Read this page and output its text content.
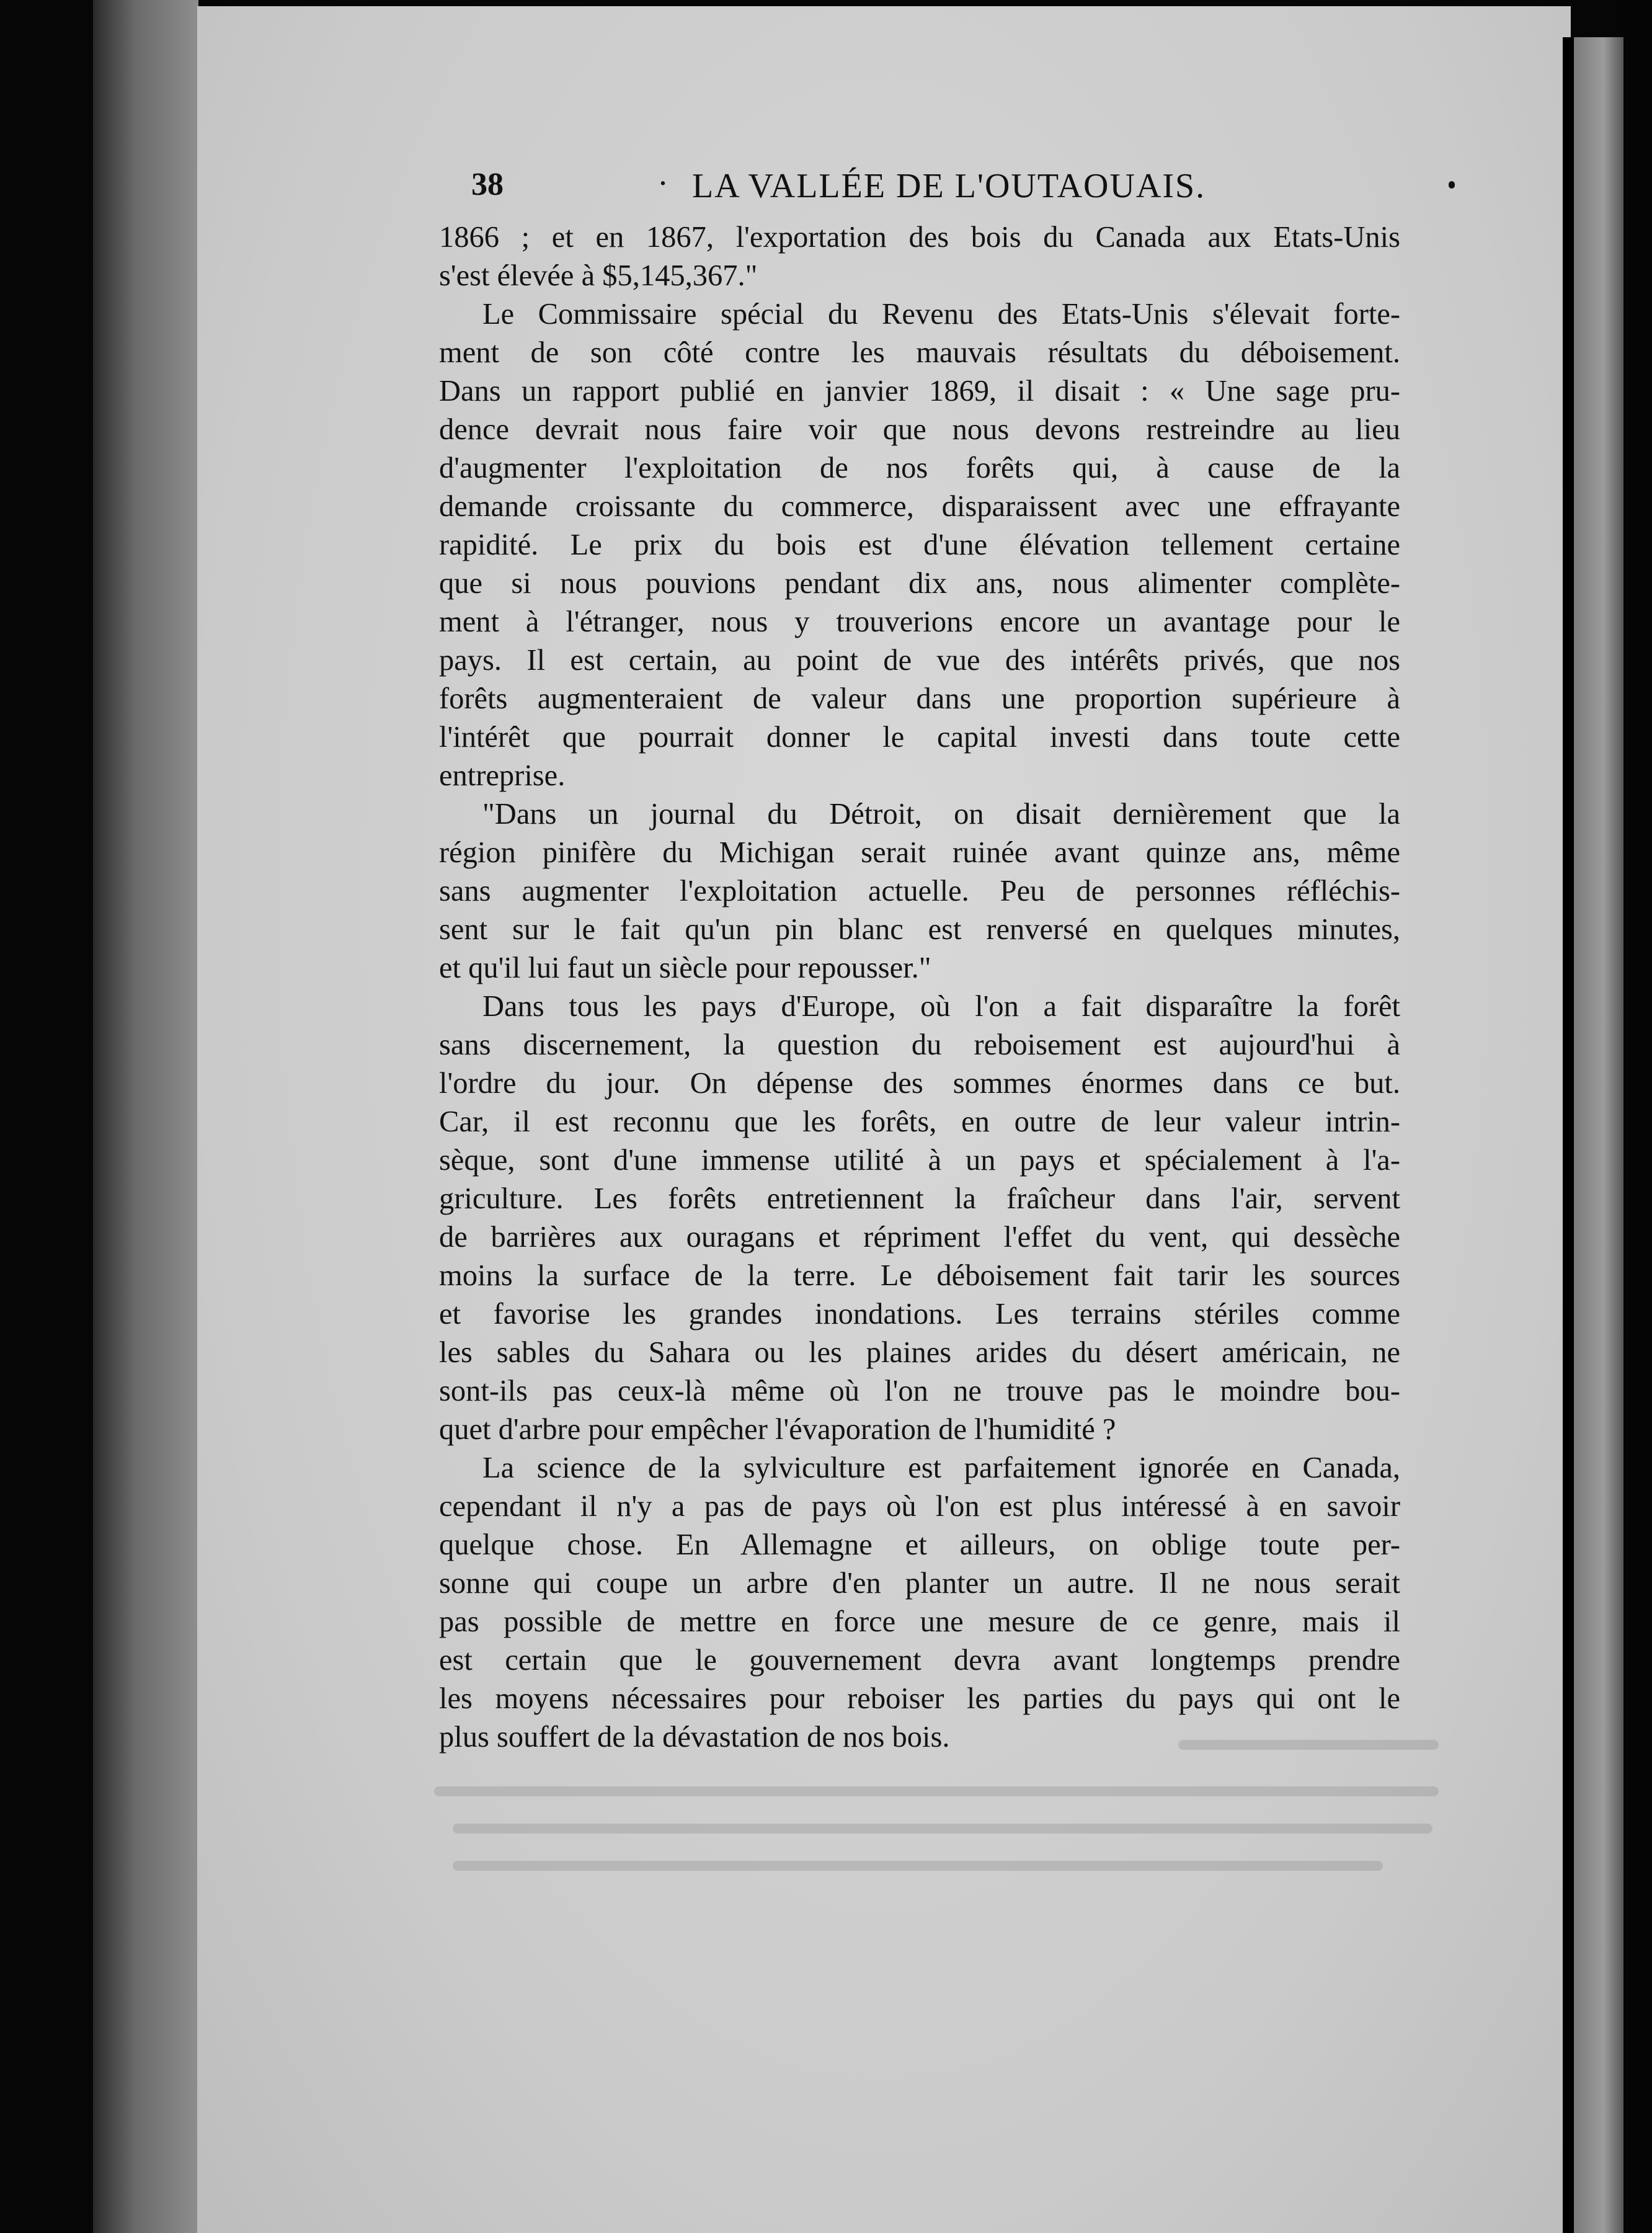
38	· LA VALLÉE DE L'OUTAOUAIS.
1866 ; et en 1867, l'exportation des bois du Canada aux Etats-Unis
s'est élevée à $5,145,367."
Le Commissaire spécial du Revenu des Etats-Unis s'élevait forte-
ment de son côté contre les mauvais résultats du déboisement.
Dans un rapport publié en janvier 1869, il disait : « Une sage pru-
dence devrait nous faire voir que nous devons restreindre au lieu
d'augmenter l'exploitation de nos forêts qui, à cause de la
demande croissante du commerce, disparaissent avec une effrayante
rapidité. Le prix du bois est d'une élévation tellement certaine
que si nous pouvions pendant dix ans, nous alimenter complète-
ment à l'étranger, nous y trouverions encore un avantage pour le
pays. Il est certain, au point de vue des intérêts privés, que nos
forêts augmenteraient de valeur dans une proportion supérieure à
l'intérêt que pourrait donner le capital investi dans toute cette
entreprise.
"Dans un journal du Détroit, on disait dernièrement que la
région pinifère du Michigan serait ruinée avant quinze ans, même
sans augmenter l'exploitation actuelle. Peu de personnes réfléchis-
sent sur le fait qu'un pin blanc est renversé en quelques minutes,
et qu'il lui faut un siècle pour repousser."
Dans tous les pays d'Europe, où l'on a fait disparaître la forêt
sans discernement, la question du reboisement est aujourd'hui à
l'ordre du jour. On dépense des sommes énormes dans ce but.
Car, il est reconnu que les forêts, en outre de leur valeur intrin-
sèque, sont d'une immense utilité à un pays et spécialement à l'a-
griculture. Les forêts entretiennent la fraîcheur dans l'air, servent
de barrières aux ouragans et répriment l'effet du vent, qui dessèche
moins la surface de la terre. Le déboisement fait tarir les sources
et favorise les grandes inondations. Les terrains stériles comme
les sables du Sahara ou les plaines arides du désert américain, ne
sont-ils pas ceux-là même où l'on ne trouve pas le moindre bou-
quet d'arbre pour empêcher l'évaporation de l'humidité ?
La science de la sylviculture est parfaitement ignorée en Canada,
cependant il n'y a pas de pays où l'on est plus intéressé à en savoir
quelque chose. En Allemagne et ailleurs, on oblige toute per-
sonne qui coupe un arbre d'en planter un autre. Il ne nous serait
pas possible de mettre en force une mesure de ce genre, mais il
est certain que le gouvernement devra avant longtemps prendre
les moyens nécessaires pour reboiser les parties du pays qui ont le
plus souffert de la dévastation de nos bois.
